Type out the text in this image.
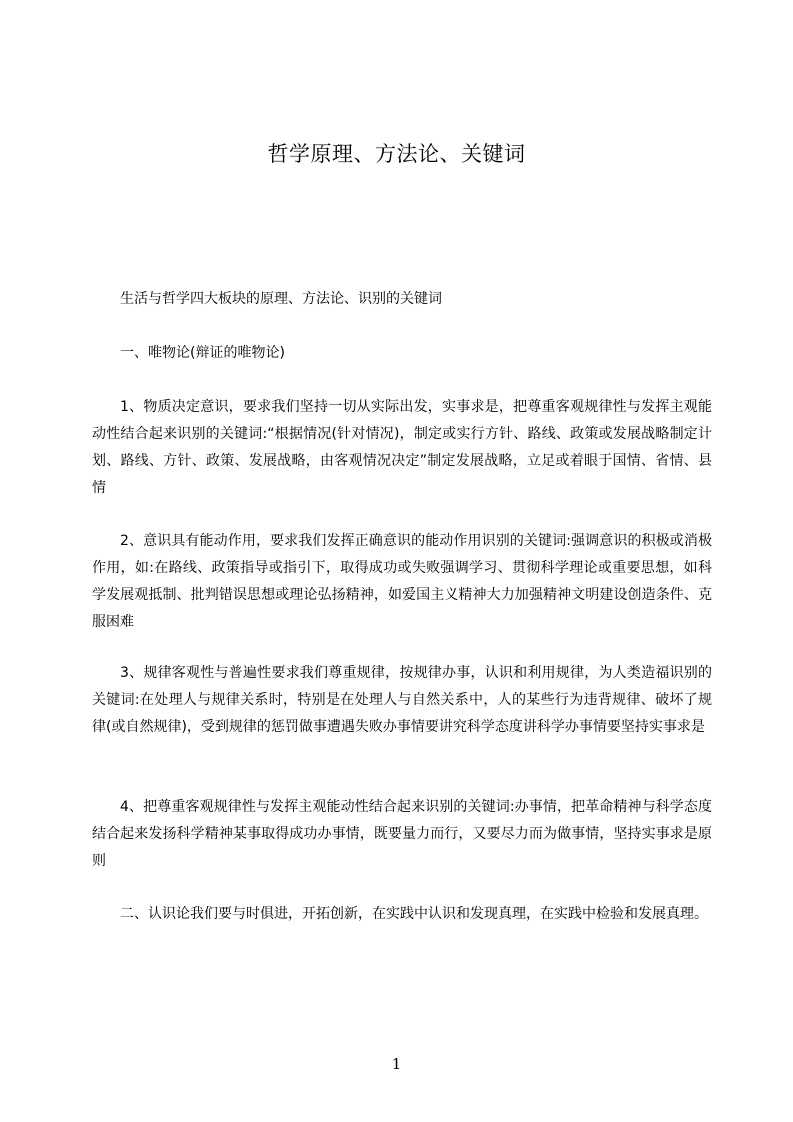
哲学原理、方法论、关键词

生活与哲学四大板块的原理、方法论、识别的关键词

一、唯物论(辩证的唯物论)

1、物质决定意识，要求我们坚持一切从实际出发，实事求是，把尊重客观规律性与发挥主观能动性结合起来识别的关键词:“根据情况(针对情况)，制定或实行方针、路线、政策或发展战略制定计划、路线、方针、政策、发展战略，由客观情况决定”制定发展战略，立足或着眼于国情、省情、县情

2、意识具有能动作用，要求我们发挥正确意识的能动作用识别的关键词:强调意识的积极或消极作用，如:在路线、政策指导或指引下，取得成功或失败强调学习、贯彻科学理论或重要思想，如科学发展观抵制、批判错误思想或理论弘扬精神，如爱国主义精神大力加强精神文明建设创造条件、克服困难

3、规律客观性与普遍性要求我们尊重规律，按规律办事，认识和利用规律，为人类造福识别的关键词:在处理人与规律关系时，特别是在处理人与自然关系中，人的某些行为违背规律、破坏了规律(或自然规律)，受到规律的惩罚做事遭遇失败办事情要讲究科学态度讲科学办事情要坚持实事求是

4、把尊重客观规律性与发挥主观能动性结合起来识别的关键词:办事情，把革命精神与科学态度结合起来发扬科学精神某事取得成功办事情，既要量力而行，又要尽力而为做事情，坚持实事求是原则

二、认识论我们要与时俱进，开拓创新，在实践中认识和发现真理，在实践中检验和发展真理。

1
